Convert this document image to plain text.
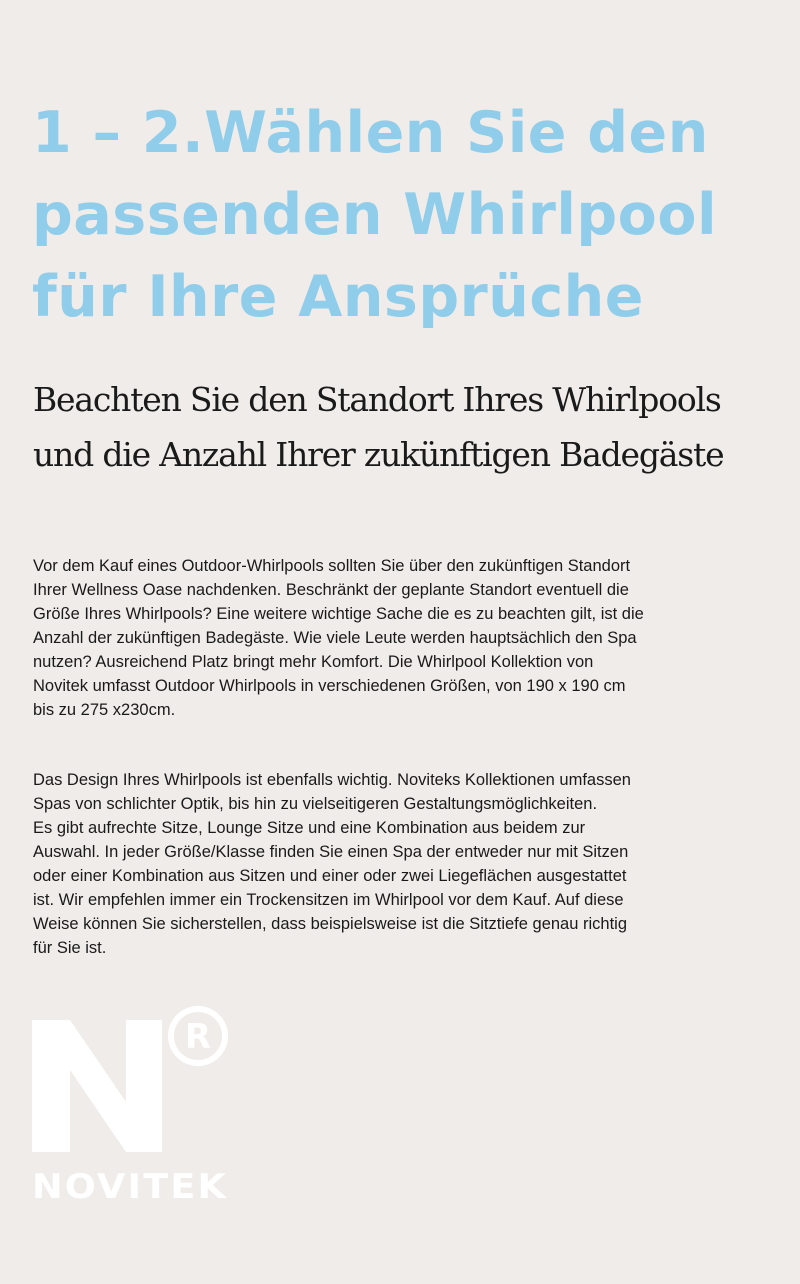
1 – 2.Wählen Sie den
passenden Whirlpool
für Ihre Ansprüche
Beachten Sie den Standort Ihres Whirlpools
und die Anzahl Ihrer zukünftigen Badegäste

Vor dem Kauf eines Outdoor-Whirlpools sollten Sie über den zukünftigen Standort
Ihrer Wellness Oase nachdenken. Beschränkt der geplante Standort eventuell die
Größe Ihres Whirlpools? Eine weitere wichtige Sache die es zu beachten gilt, ist die
Anzahl der zukünftigen Badegäste. Wie viele Leute werden hauptsächlich den Spa
nutzen? Ausreichend Platz bringt mehr Komfort. Die Whirlpool Kollektion von
Novitek umfasst Outdoor Whirlpools in verschiedenen Größen, von 190 x 190 cm
bis zu 275 x230cm.

Das Design Ihres Whirlpools ist ebenfalls wichtig. Noviteks Kollektionen umfassen
Spas von schlichter Optik, bis hin zu vielseitigeren Gestaltungsmöglichkeiten.
Es gibt aufrechte Sitze, Lounge Sitze und eine Kombination aus beidem zur
Auswahl. In jeder Größe/Klasse finden Sie einen Spa der entweder nur mit Sitzen
oder einer Kombination aus Sitzen und einer oder zwei Liegeflächen ausgestattet
ist. Wir empfehlen immer ein Trockensitzen im Whirlpool vor dem Kauf. Auf diese
Weise können Sie sicherstellen, dass beispielsweise ist die Sitztiefe genau richtig
für Sie ist.

R
NOVITEK
